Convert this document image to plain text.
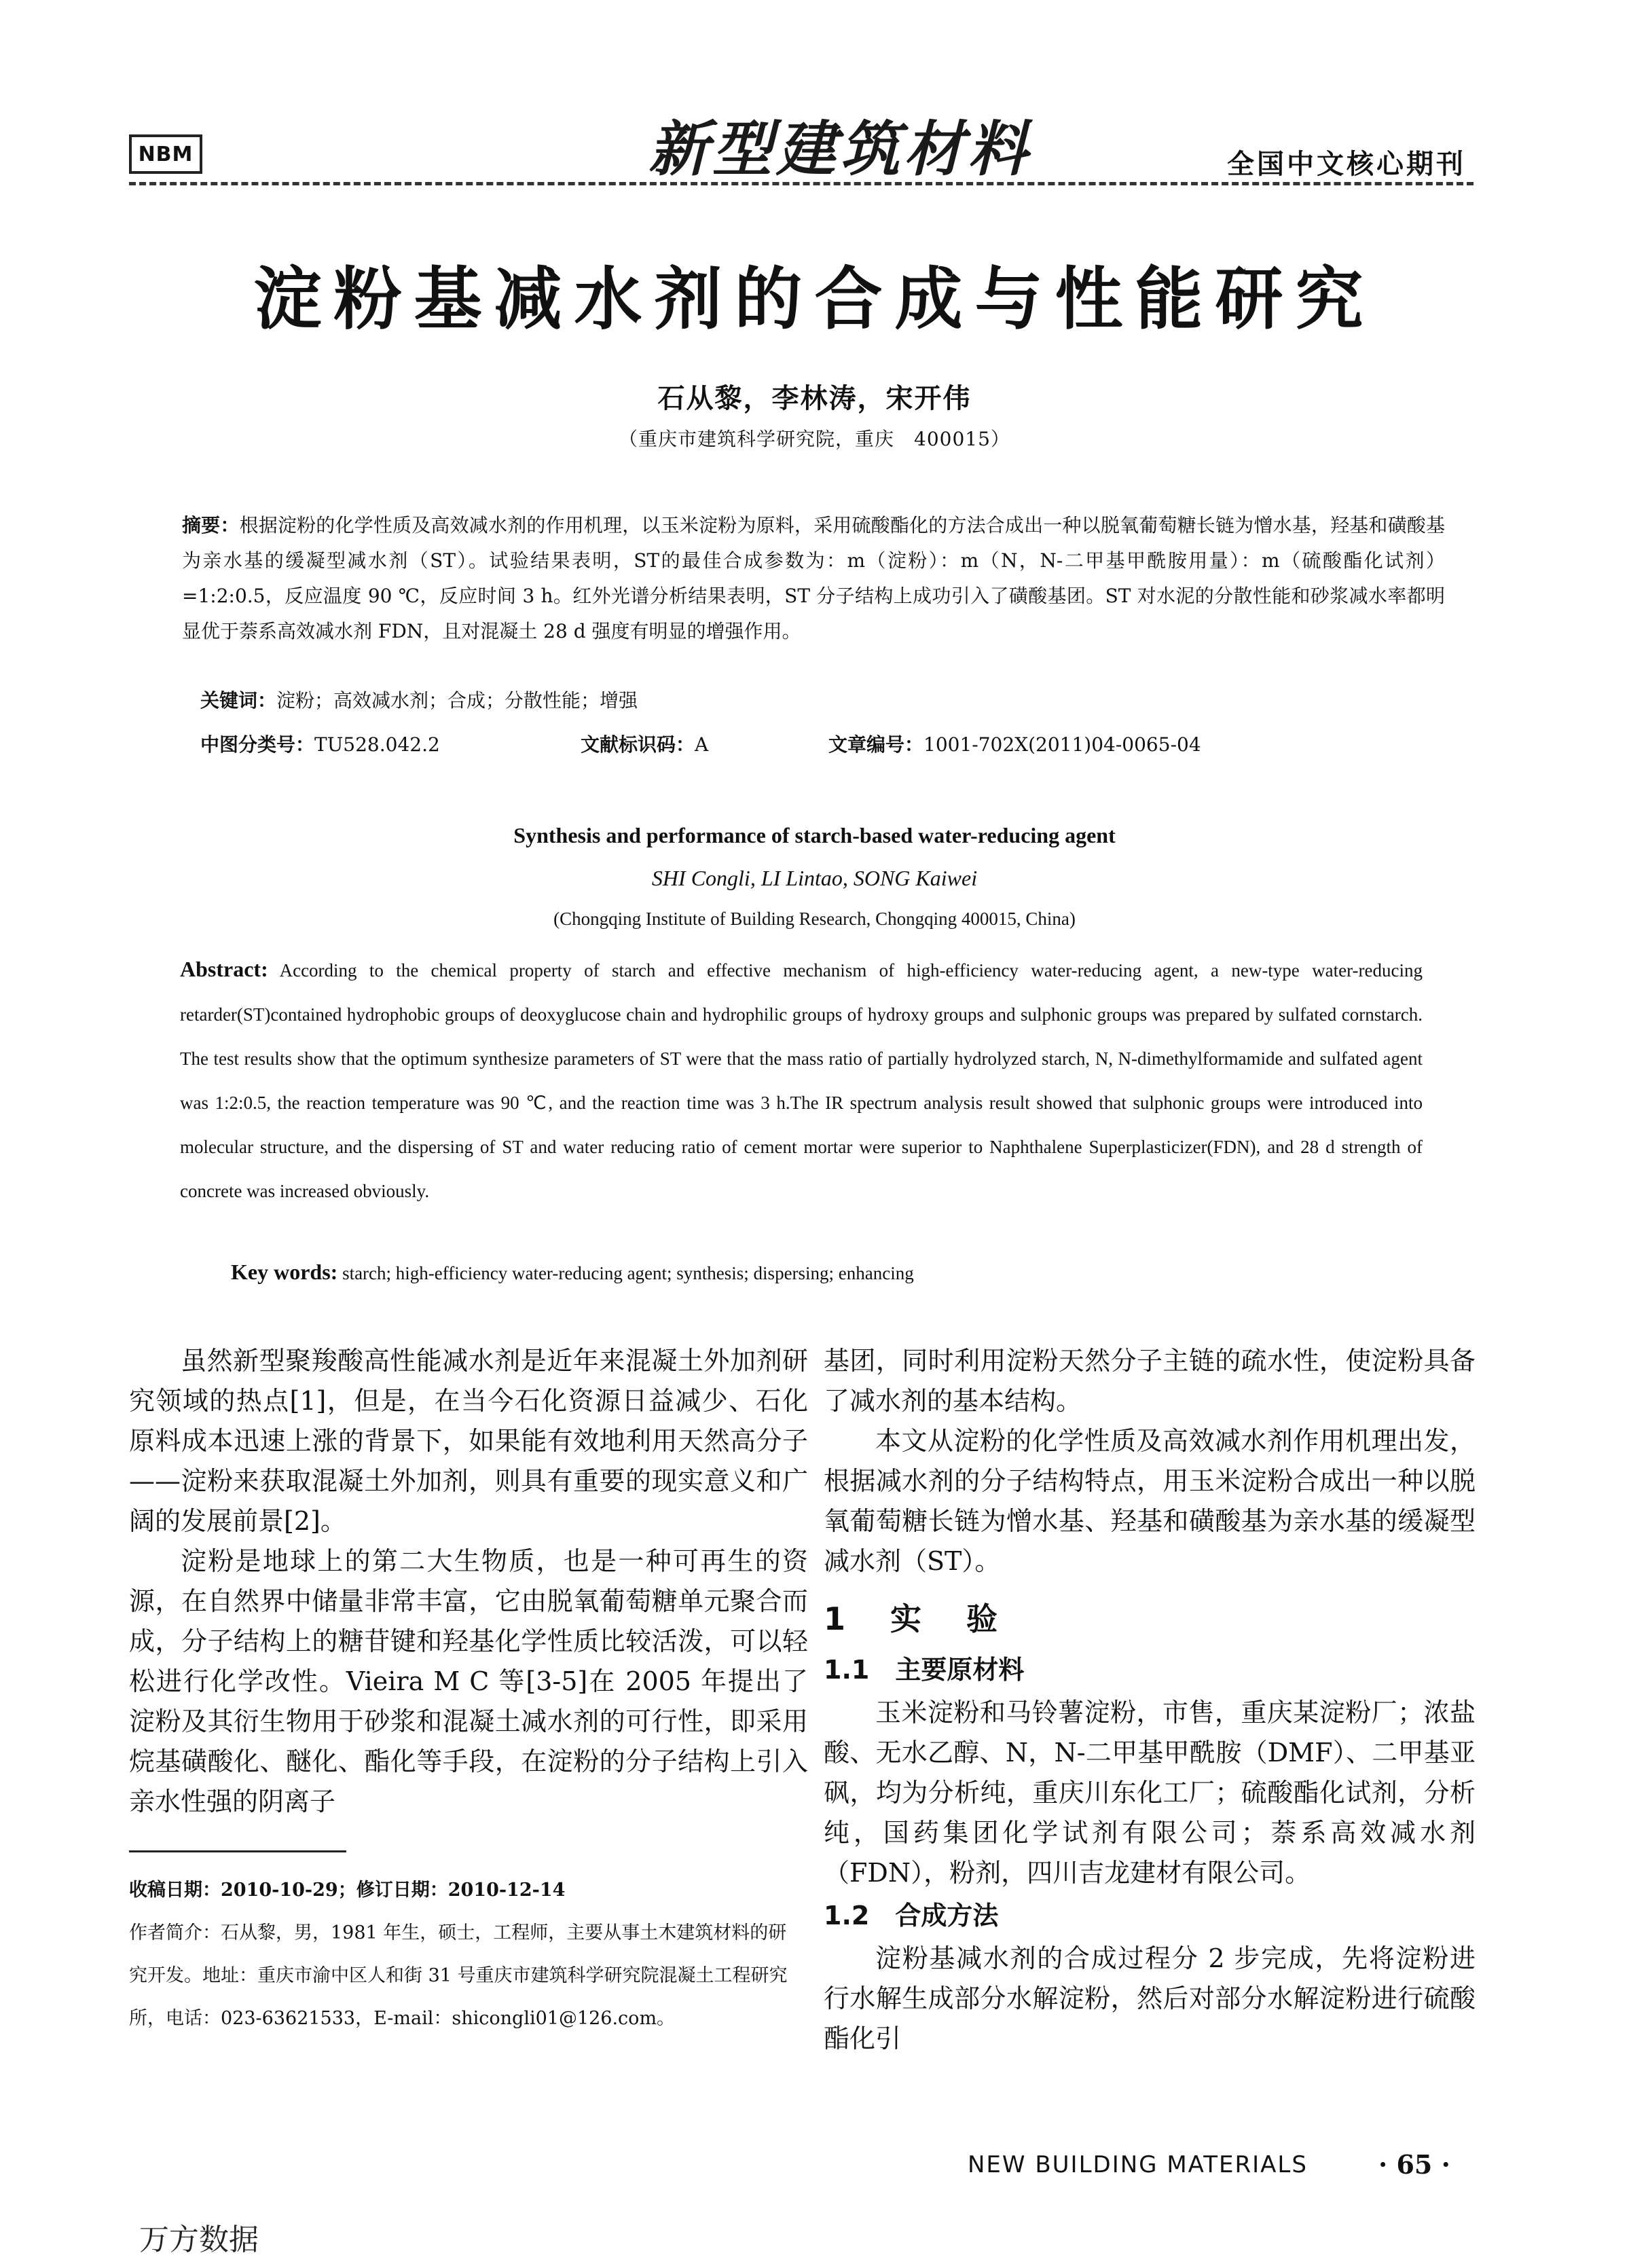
NBM	新型建筑材料	全国中文核心期刊
淀粉基减水剂的合成与性能研究
石从黎，李林涛，宋开伟
（重庆市建筑科学研究院，重庆　400015）
摘要：根据淀粉的化学性质及高效减水剂的作用机理，以玉米淀粉为原料，采用硫酸酯化的方法合成出一种以脱氧葡萄糖长链为憎水基，羟基和磺酸基为亲水基的缓凝型减水剂（ST）。试验结果表明，ST的最佳合成参数为：m（淀粉）：m（N，N-二甲基甲酰胺用量）：m（硫酸酯化试剂）=1:2:0.5，反应温度 90 ℃，反应时间 3 h。红外光谱分析结果表明，ST 分子结构上成功引入了磺酸基团。ST 对水泥的分散性能和砂浆减水率都明显优于萘系高效减水剂 FDN，且对混凝土 28 d 强度有明显的增强作用。
关键词：淀粉；高效减水剂；合成；分散性能；增强
中图分类号：TU528.042.2	文献标识码：A	文章编号：1001-702X(2011)04-0065-04
Synthesis and performance of starch-based water-reducing agent
SHI Congli, LI Lintao, SONG Kaiwei
(Chongqing Institute of Building Research, Chongqing 400015, China)
Abstract: According to the chemical property of starch and effective mechanism of high-efficiency water-reducing agent, a new-type water-reducing retarder(ST)contained hydrophobic groups of deoxyglucose chain and hydrophilic groups of hydroxy groups and sulphonic groups was prepared by sulfated cornstarch. The test results show that the optimum synthesize parameters of ST were that the mass ratio of partially hydrolyzed starch, N, N-dimethylformamide and sulfated agent was 1:2:0.5, the reaction temperature was 90 ℃, and the reaction time was 3 h.The IR spectrum analysis result showed that sulphonic groups were introduced into molecular structure, and the dispersing of ST and water reducing ratio of cement mortar were superior to Naphthalene Superplasticizer(FDN), and 28 d strength of concrete was increased obviously.
Key words: starch; high-efficiency water-reducing agent; synthesis; dispersing; enhancing

虽然新型聚羧酸高性能减水剂是近年来混凝土外加剂研究领域的热点[1]，但是，在当今石化资源日益减少、石化原料成本迅速上涨的背景下，如果能有效地利用天然高分子——淀粉来获取混凝土外加剂，则具有重要的现实意义和广阔的发展前景[2]。

淀粉是地球上的第二大生物质，也是一种可再生的资源，在自然界中储量非常丰富，它由脱氧葡萄糖单元聚合而成，分子结构上的糖苷键和羟基化学性质比较活泼，可以轻松进行化学改性。Vieira M C 等[3-5]在 2005 年提出了淀粉及其衍生物用于砂浆和混凝土减水剂的可行性，即采用烷基磺酸化、醚化、酯化等手段，在淀粉的分子结构上引入亲水性强的阴离子

基团，同时利用淀粉天然分子主链的疏水性，使淀粉具备了减水剂的基本结构。

本文从淀粉的化学性质及高效减水剂作用机理出发，根据减水剂的分子结构特点，用玉米淀粉合成出一种以脱氧葡萄糖长链为憎水基、羟基和磺酸基为亲水基的缓凝型减水剂（ST）。

1　实　验
1.1　主要原材料

玉米淀粉和马铃薯淀粉，市售，重庆某淀粉厂；浓盐酸、无水乙醇、N，N-二甲基甲酰胺（DMF）、二甲基亚砜，均为分析纯，重庆川东化工厂；硫酸酯化试剂，分析纯，国药集团化学试剂有限公司；萘系高效减水剂（FDN），粉剂，四川吉龙建材有限公司。

1.2　合成方法

淀粉基减水剂的合成过程分 2 步完成，先将淀粉进行水解生成部分水解淀粉，然后对部分水解淀粉进行硫酸酯化引

收稿日期：2010-10-29；修订日期：2010-12-14
作者简介：石从黎，男，1981 年生，硕士，工程师，主要从事土木建筑材料的研究开发。地址：重庆市渝中区人和街 31 号重庆市建筑科学研究院混凝土工程研究所，电话：023-63621533，E-mail：shicongli01@126.com。
NEW BUILDING MATERIALS	· 65 ·
万方数据
